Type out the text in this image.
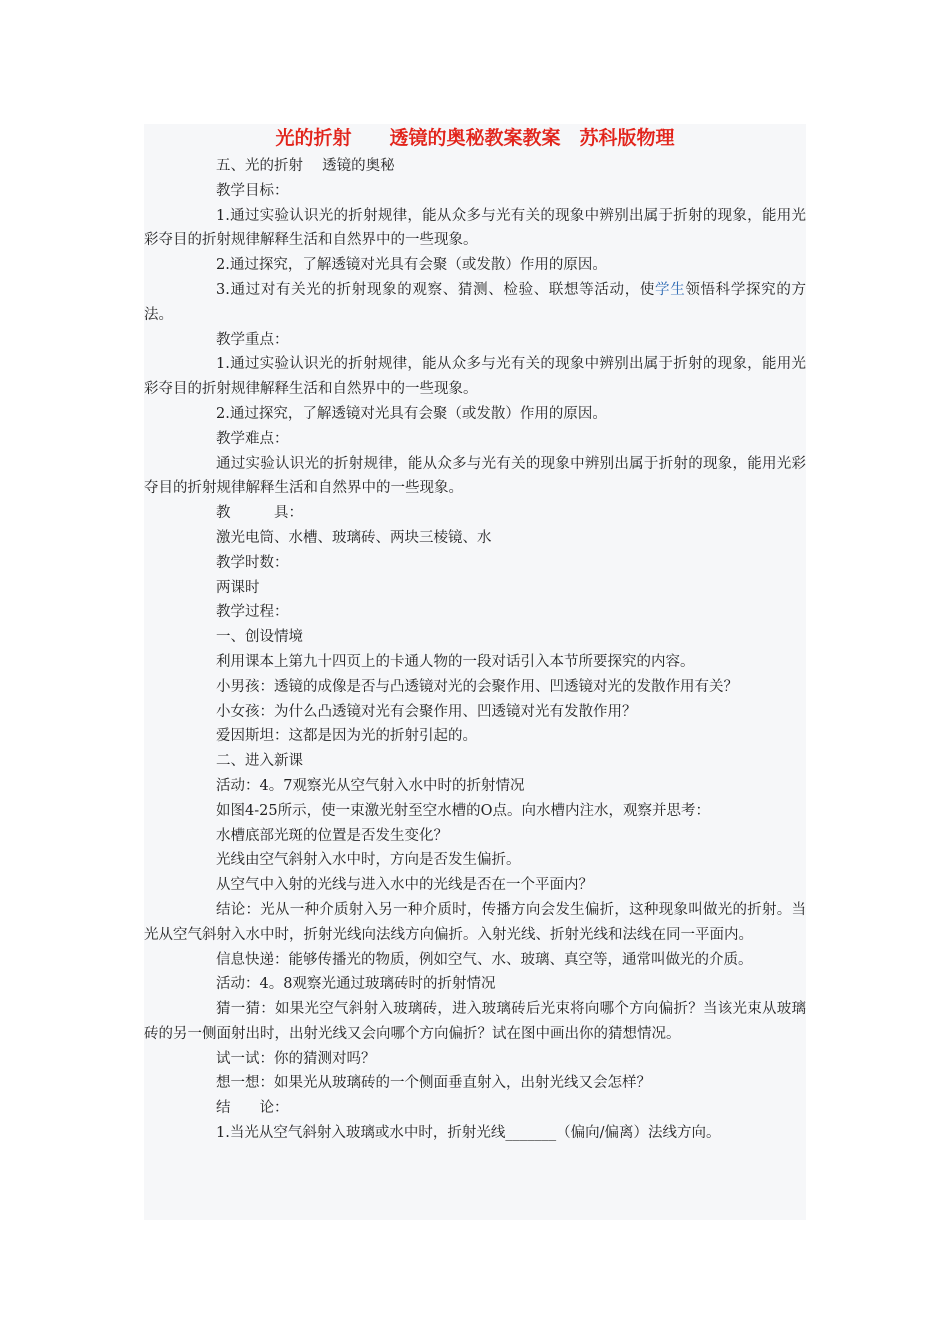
光的折射　　透镜的奥秘教案教案　苏科版物理

五、光的折射　 透镜的奥秘

教学目标：

1.通过实验认识光的折射规律，能从众多与光有关的现象中辨别出属于折射的现象，能用光彩夺目的折射规律解释生活和自然界中的一些现象。

2.通过探究，了解透镜对光具有会聚（或发散）作用的原因。

3.通过对有关光的折射现象的观察、猜测、检验、联想等活动，使学生领悟科学探究的方法。

教学重点：

1.通过实验认识光的折射规律，能从众多与光有关的现象中辨别出属于折射的现象，能用光彩夺目的折射规律解释生活和自然界中的一些现象。

2.通过探究，了解透镜对光具有会聚（或发散）作用的原因。

教学难点：

通过实验认识光的折射规律，能从众多与光有关的现象中辨别出属于折射的现象，能用光彩夺目的折射规律解释生活和自然界中的一些现象。

教　　　具：

激光电筒、水槽、玻璃砖、两块三棱镜、水

教学时数：

两课时

教学过程：

一、创设情境

利用课本上第九十四页上的卡通人物的一段对话引入本节所要探究的内容。

小男孩：透镜的成像是否与凸透镜对光的会聚作用、凹透镜对光的发散作用有关？

小女孩：为什么凸透镜对光有会聚作用、凹透镜对光有发散作用？

爱因斯坦：这都是因为光的折射引起的。

二、进入新课

活动：4。7观察光从空气射入水中时的折射情况

如图4-25所示，使一束激光射至空水槽的O点。向水槽内注水，观察并思考：

水槽底部光斑的位置是否发生变化？

光线由空气斜射入水中时，方向是否发生偏折。

从空气中入射的光线与进入水中的光线是否在一个平面内？

结论：光从一种介质射入另一种介质时，传播方向会发生偏折，这种现象叫做光的折射。当光从空气斜射入水中时，折射光线向法线方向偏折。入射光线、折射光线和法线在同一平面内。

信息快递：能够传播光的物质，例如空气、水、玻璃、真空等，通常叫做光的介质。

活动：4。8观察光通过玻璃砖时的折射情况

猜一猜：如果光空气斜射入玻璃砖，进入玻璃砖后光束将向哪个方向偏折？当该光束从玻璃砖的另一侧面射出时，出射光线又会向哪个方向偏折？试在图中画出你的猜想情况。

试一试：你的猜测对吗？

想一想：如果光从玻璃砖的一个侧面垂直射入，出射光线又会怎样？

结　　论：

1.当光从空气斜射入玻璃或水中时，折射光线_______（偏向/偏离）法线方向。
